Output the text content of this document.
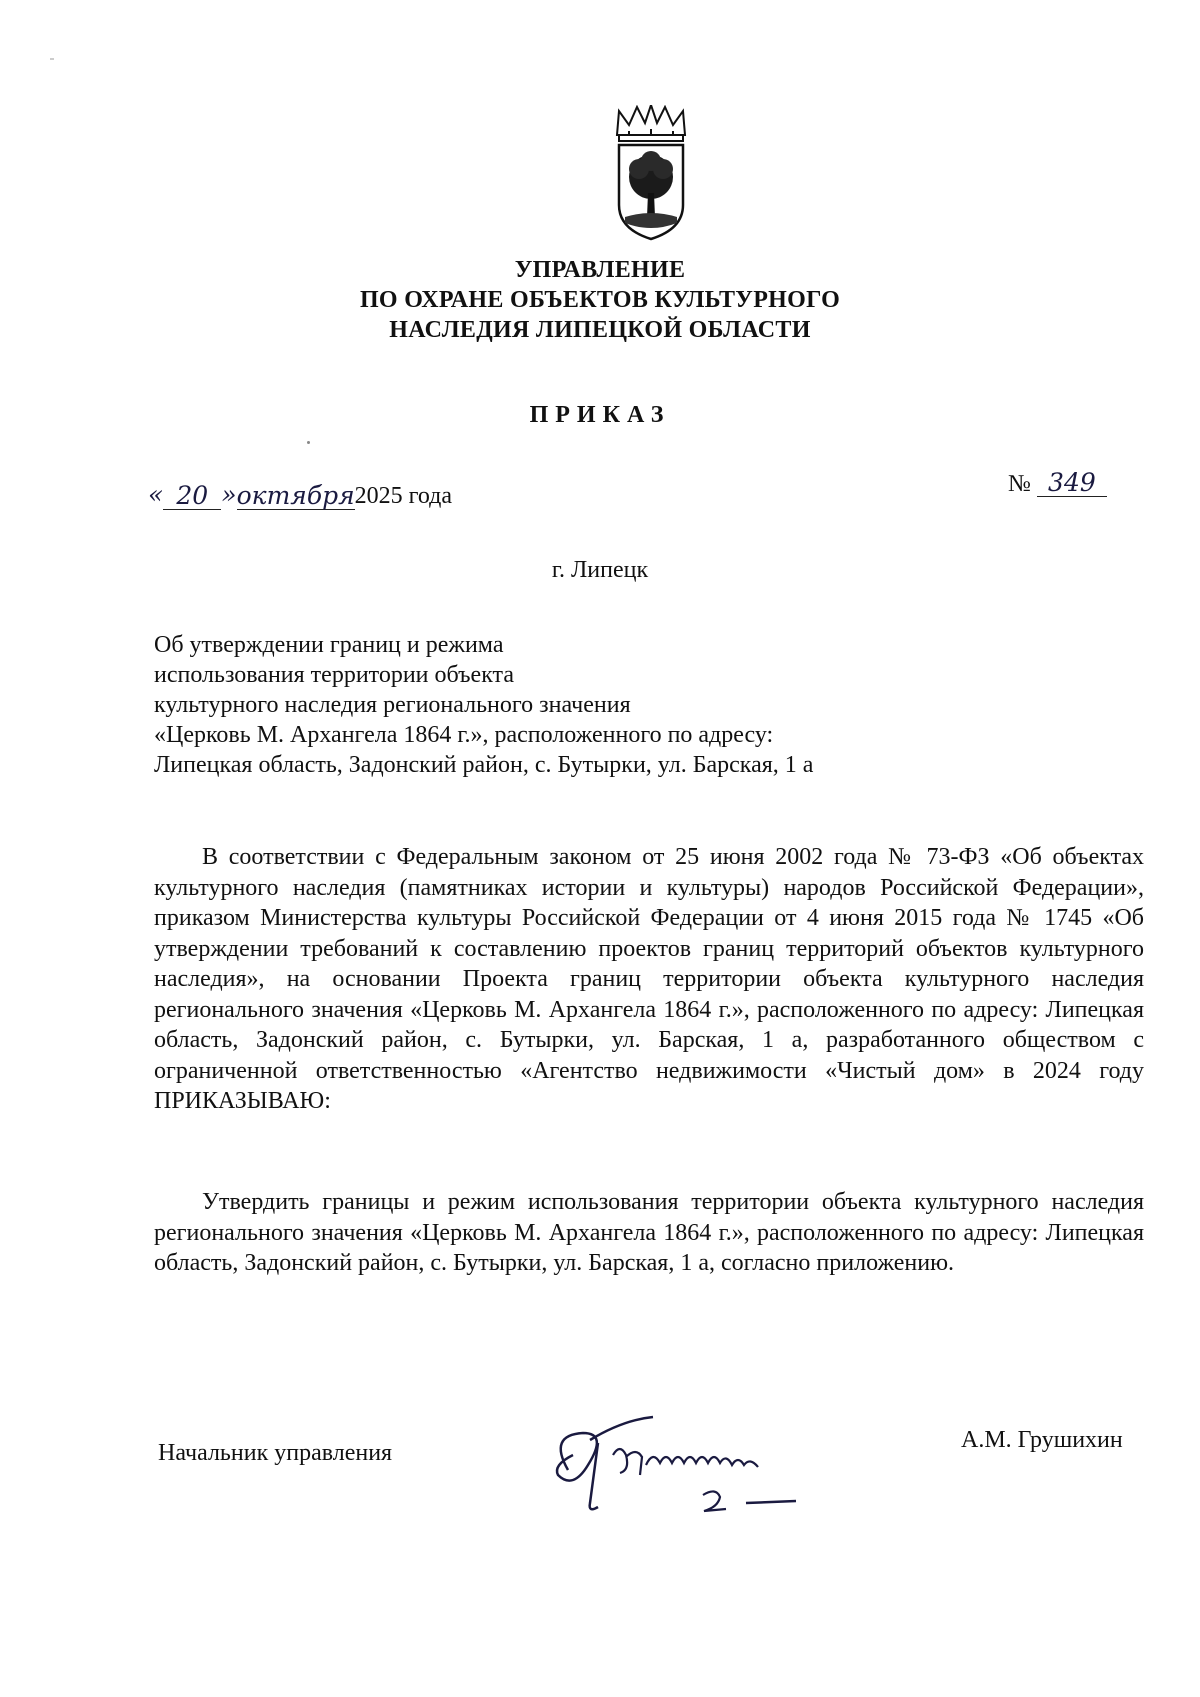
УПРАВЛЕНИЕ
ПО ОХРАНЕ ОБЪЕКТОВ КУЛЬТУРНОГО
НАСЛЕДИЯ ЛИПЕЦКОЙ ОБЛАСТИ
ПРИКАЗ
« 20 »октября2025 года	№ 349
г. Липецк
Об утверждении границ и режима
использования территории объекта
культурного наследия регионального значения
«Церковь М. Архангела 1864 г.», расположенного по адресу:
Липецкая область, Задонский район, с. Бутырки, ул. Барская, 1 а
В соответствии с Федеральным законом от 25 июня 2002 года № 73-ФЗ «Об объектах культурного наследия (памятниках истории и культуры) народов Российской Федерации», приказом Министерства культуры Российской Федерации от 4 июня 2015 года № 1745 «Об утверждении требований к составлению проектов границ территорий объектов культурного наследия», на основании Проекта границ территории объекта культурного наследия регионального значения «Церковь М. Архангела 1864 г.», расположенного по адресу: Липецкая область, Задонский район, с. Бутырки, ул. Барская, 1 а, разработанного обществом с ограниченной ответственностью «Агентство недвижимости «Чистый дом» в 2024 году ПРИКАЗЫВАЮ:
Утвердить границы и режим использования территории объекта культурного наследия регионального значения «Церковь М. Архангела 1864 г.», расположенного по адресу: Липецкая область, Задонский район, с. Бутырки, ул. Барская, 1 а, согласно приложению.
Начальник управления	А.М. Грушихин
